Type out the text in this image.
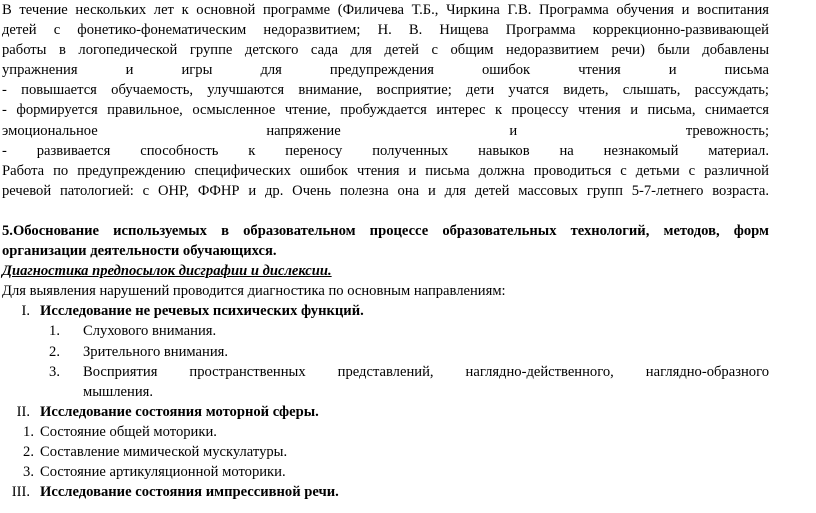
В течение нескольких лет к основной программе (Филичева Т.Б., Чиркина Г.В. Программа обучения и воспитания

детей с фонетико-фонематическим недоразвитием; Н. В. Нищева Программа коррекционно-развивающей

работы в логопедической группе детского сада для детей с общим недоразвитием речи) были добавлены

упражнения и игры для предупреждения ошибок чтения и письма

- повышается обучаемость, улучшаются внимание, восприятие; дети учатся видеть, слышать, рассуждать;

- формируется правильное, осмысленное чтение, пробуждается интерес к процессу чтения и письма, снимается

эмоциональное напряжение и тревожность;

- развивается способность к переносу полученных навыков на незнакомый материал.

Работа по предупреждению специфических ошибок чтения и письма должна проводиться с детьми с различной

речевой патологией: с ОНР, ФФНР и др. Очень полезна она и для детей массовых групп 5-7-летнего возраста.

5.Обоснование используемых в образовательном процессе образовательных технологий, методов, форм

организации деятельности обучающихся.

Диагностика предпосылок дисграфии и дислексии.

Для выявления нарушений проводится диагностика по основным направлениям:

I. Исследование не речевых психических функций.
1.	Слухового внимания.
2.	Зрительного внимания.
3.	Восприятия пространственных представлений, наглядно-действенного, наглядно-образного
мышления.
II. Исследование состояния моторной сферы.
1. Состояние общей моторики.
2. Составление мимической мускулатуры.
3. Состояние артикуляционной моторики.
III. Исследование состояния импрессивной речи.
